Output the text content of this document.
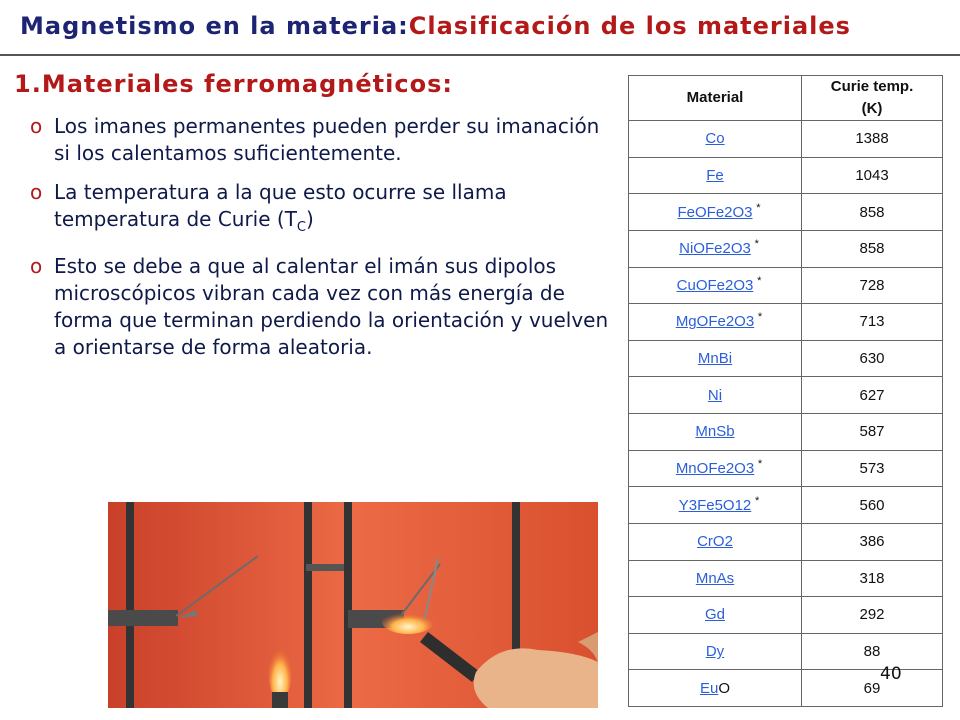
Magnetismo en la materia:Clasificación de los materiales
1.Materiales ferromagnéticos:
o Los imanes permanentes pueden perder su imanación si los calentamos suficientemente.
o La temperatura a la que esto ocurre se llama temperatura de Curie $(T_C)$
o Esto se debe a que al calentar el imán sus dipolos microscópicos vibran cada vez con más energía de forma que terminan perdiendo la orientación y vuelven a orientarse de forma aleatoria.
Material	Curie temp. (K)
Co	1388
Fe	1043
FeOFe2O3 *	858
NiOFe2O3 *	858
CuOFe2O3 *	728
MgOFe2O3 *	713
MnBi	630
Ni	627
MnSb	587
MnOFe2O3 *	573
Y3Fe5O12 *	560
CrO2	386
MnAs	318
Gd	292
Dy	88
EuO	69
40
